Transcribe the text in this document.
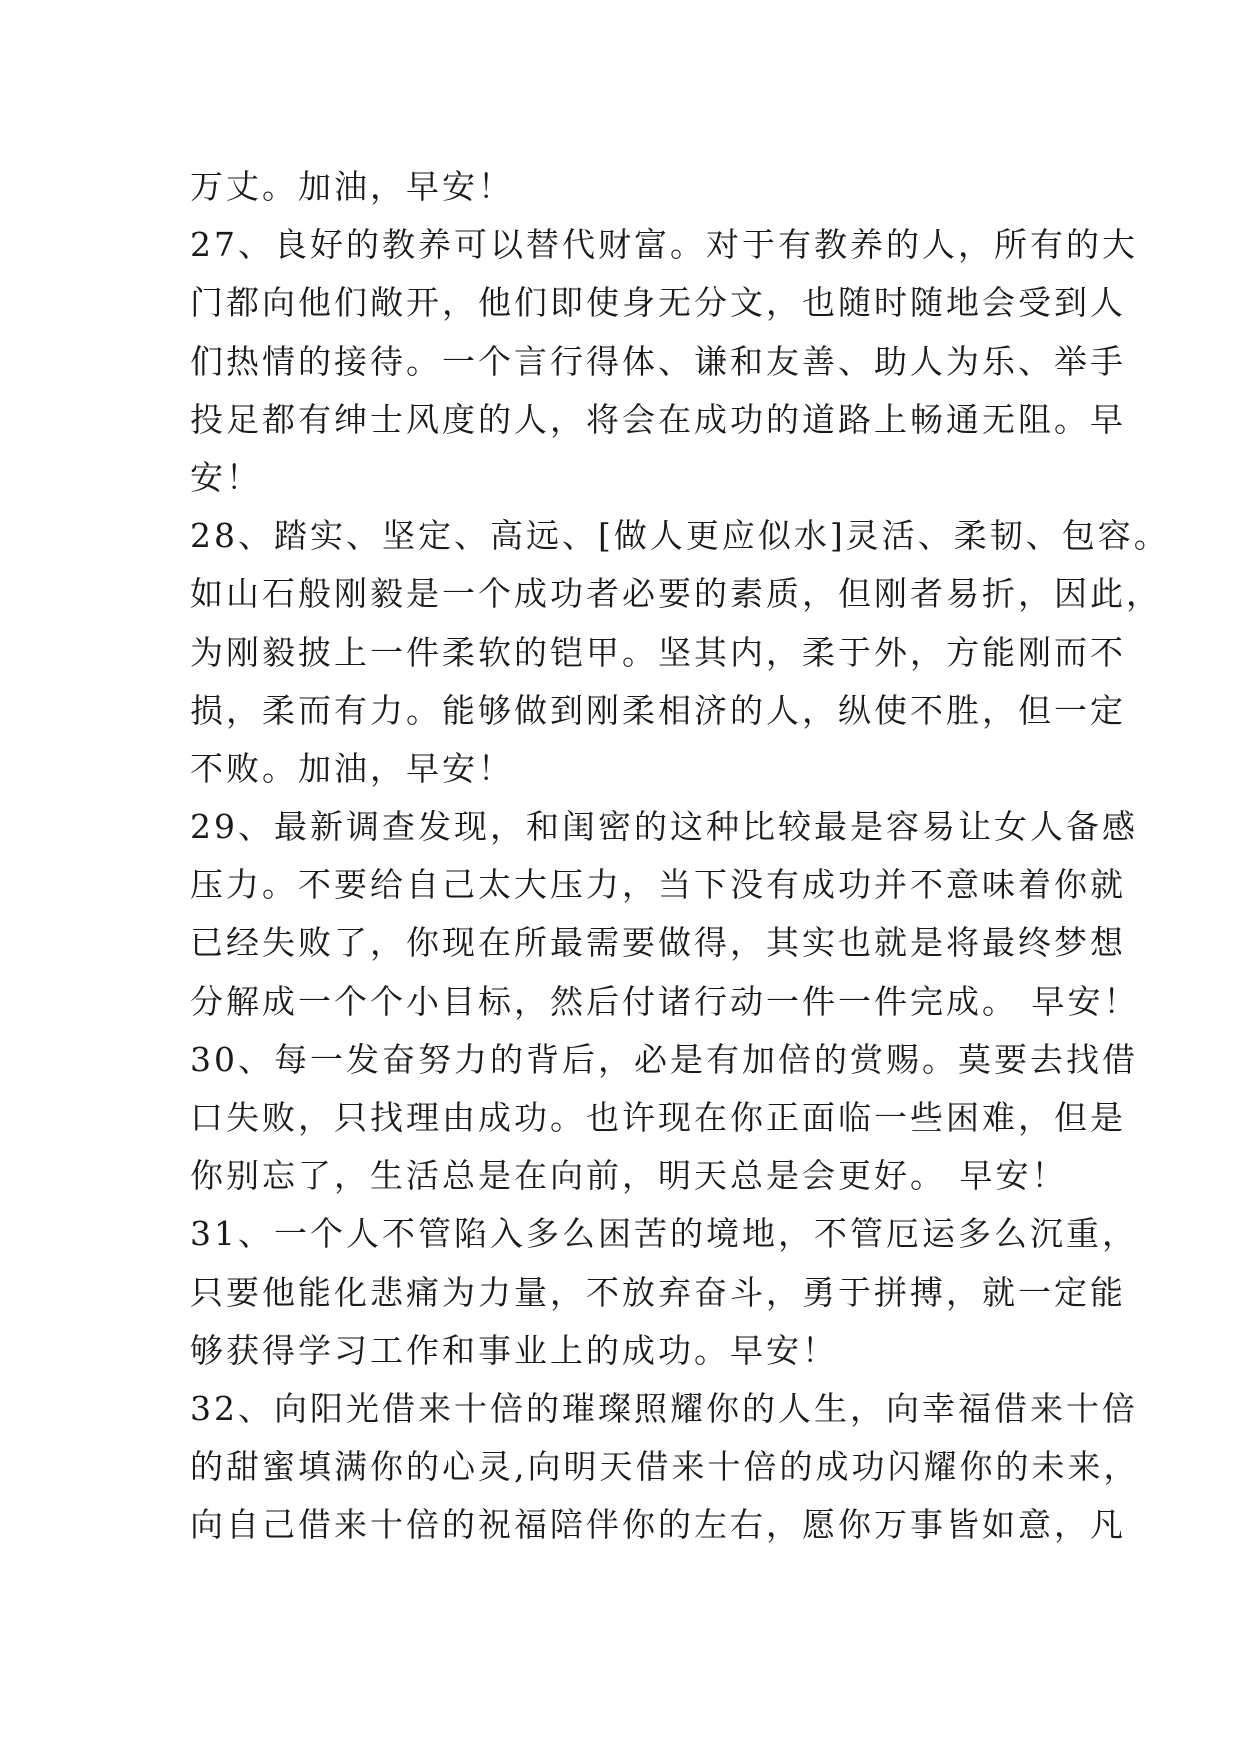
万丈。加油，早安！
27、良好的教养可以替代财富。对于有教养的人，所有的大
门都向他们敞开，他们即使身无分文，也随时随地会受到人
们热情的接待。一个言行得体、谦和友善、助人为乐、举手
投足都有绅士风度的人，将会在成功的道路上畅通无阻。早
安！
28、踏实、坚定、高远、[做人更应似水]灵活、柔韧、包容。
如山石般刚毅是一个成功者必要的素质，但刚者易折，因此，
为刚毅披上一件柔软的铠甲。坚其内，柔于外，方能刚而不
损，柔而有力。能够做到刚柔相济的人，纵使不胜，但一定
不败。加油，早安！
29、最新调查发现，和闺密的这种比较最是容易让女人备感
压力。不要给自己太大压力，当下没有成功并不意味着你就
已经失败了，你现在所最需要做得，其实也就是将最终梦想
分解成一个个小目标，然后付诸行动一件一件完成。 早安！
30、每一发奋努力的背后，必是有加倍的赏赐。莫要去找借
口失败，只找理由成功。也许现在你正面临一些困难，但是
你别忘了，生活总是在向前，明天总是会更好。 早安！
31、一个人不管陷入多么困苦的境地，不管厄运多么沉重，
只要他能化悲痛为力量，不放弃奋斗，勇于拼搏，就一定能
够获得学习工作和事业上的成功。早安！
32、向阳光借来十倍的璀璨照耀你的人生，向幸福借来十倍
的甜蜜填满你的心灵,向明天借来十倍的成功闪耀你的未来，
向自己借来十倍的祝福陪伴你的左右，愿你万事皆如意，凡
